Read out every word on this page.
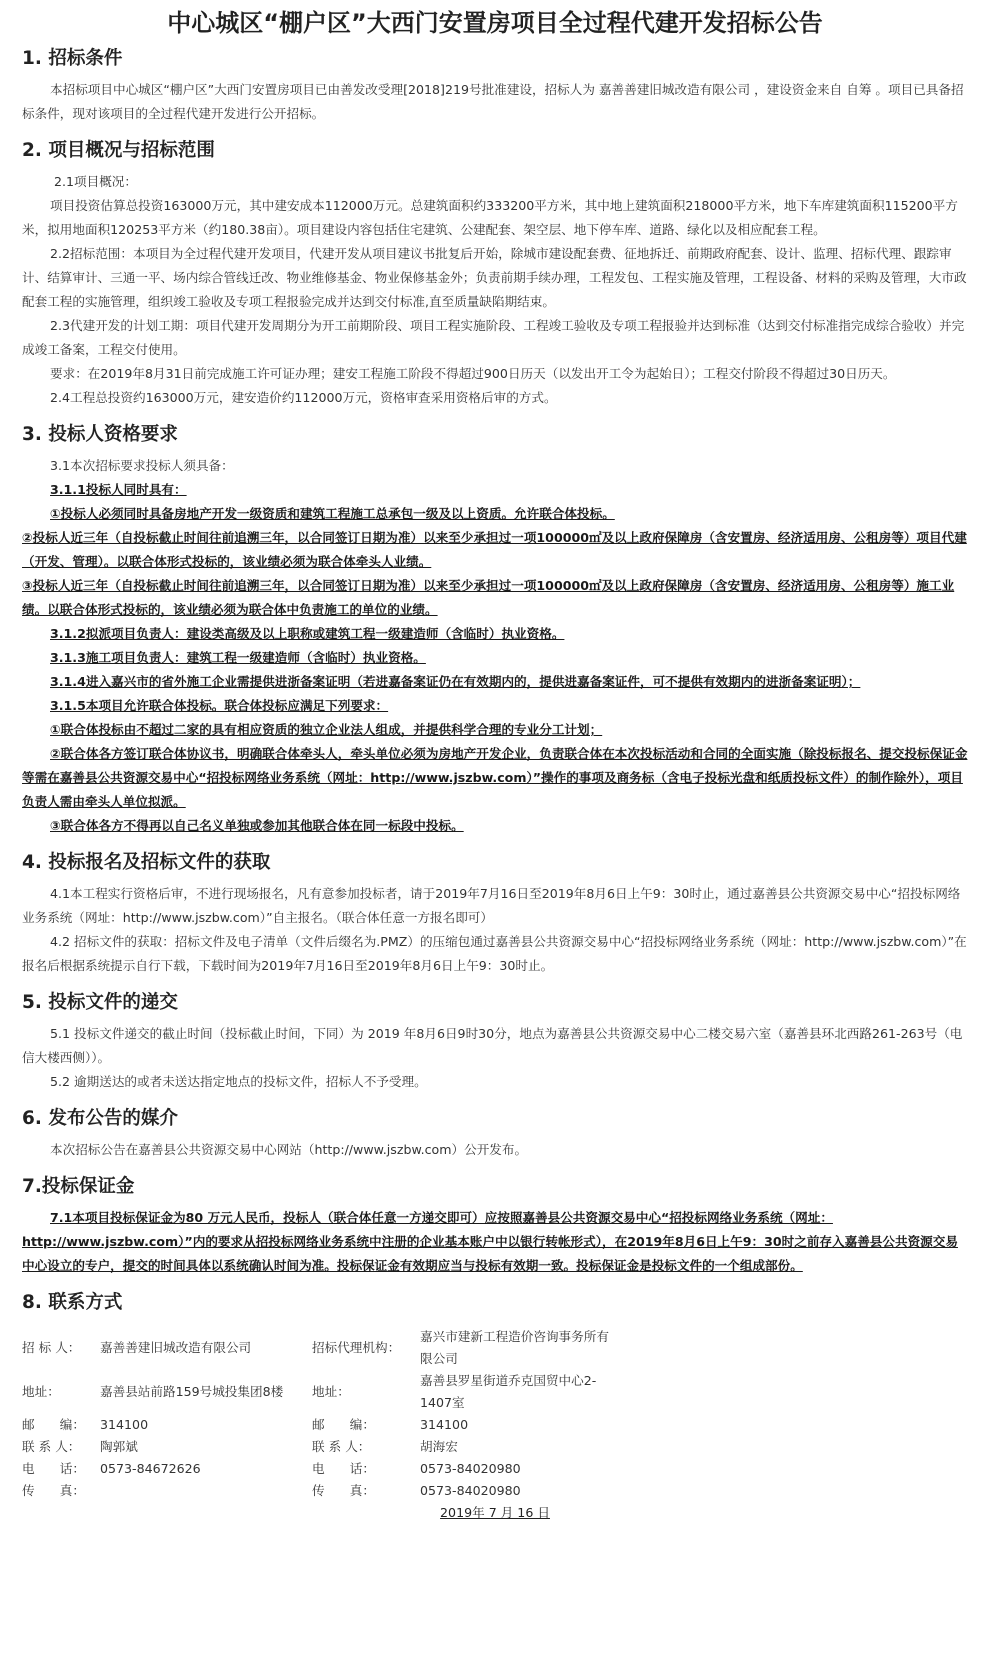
中心城区“棚户区”大西门安置房项目全过程代建开发招标公告
1. 招标条件

本招标项目中心城区“棚户区”大西门安置房项目已由善发改受理[2018]219号批准建设，招标人为 嘉善善建旧城改造有限公司 ，建设资金来自 自筹 。项目已具备招标条件，现对该项目的全过程代建开发进行公开招标。

2. 项目概况与招标范围

2.1项目概况：

项目投资估算总投资163000万元，其中建安成本112000万元。总建筑面积约333200平方米，其中地上建筑面积218000平方米，地下车库建筑面积115200平方米，拟用地面积120253平方米（约180.38亩）。项目建设内容包括住宅建筑、公建配套、架空层、地下停车库、道路、绿化以及相应配套工程。

2.2招标范围：本项目为全过程代建开发项目，代建开发从项目建议书批复后开始，除城市建设配套费、征地拆迁、前期政府配套、设计、监理、招标代理、跟踪审计、结算审计、三通一平、场内综合管线迁改、物业维修基金、物业保修基金外；负责前期手续办理，工程发包、工程实施及管理，工程设备、材料的采购及管理，大市政配套工程的实施管理，组织竣工验收及专项工程报验完成并达到交付标准,直至质量缺陷期结束。

2.3代建开发的计划工期：项目代建开发周期分为开工前期阶段、项目工程实施阶段、工程竣工验收及专项工程报验并达到标准（达到交付标准指完成综合验收）并完成竣工备案，工程交付使用。

要求：在2019年8月31日前完成施工许可证办理；建安工程施工阶段不得超过900日历天（以发出开工令为起始日）；工程交付阶段不得超过30日历天。

2.4工程总投资约163000万元，建安造价约112000万元，资格审查采用资格后审的方式。

3. 投标人资格要求

3.1本次招标要求投标人须具备：

3.1.1投标人同时具有：

①投标人必须同时具备房地产开发一级资质和建筑工程施工总承包一级及以上资质。允许联合体投标。

②投标人近三年（自投标截止时间往前追溯三年，以合同签订日期为准）以来至少承担过一项100000㎡及以上政府保障房（含安置房、经济适用房、公租房等）项目代建（开发、管理）。以联合体形式投标的，该业绩必须为联合体牵头人业绩。

③投标人近三年（自投标截止时间往前追溯三年，以合同签订日期为准）以来至少承担过一项100000㎡及以上政府保障房（含安置房、经济适用房、公租房等）施工业绩。以联合体形式投标的，该业绩必须为联合体中负责施工的单位的业绩。

3.1.2拟派项目负责人：建设类高级及以上职称或建筑工程一级建造师（含临时）执业资格。

3.1.3施工项目负责人：建筑工程一级建造师（含临时）执业资格。

3.1.4进入嘉兴市的省外施工企业需提供进浙备案证明（若进嘉备案证仍在有效期内的，提供进嘉备案证件，可不提供有效期内的进浙备案证明）；

3.1.5本项目允许联合体投标。联合体投标应满足下列要求：

①联合体投标由不超过二家的具有相应资质的独立企业法人组成，并提供科学合理的专业分工计划；

②联合体各方签订联合体协议书，明确联合体牵头人，牵头单位必须为房地产开发企业，负责联合体在本次投标活动和合同的全面实施（除投标报名、提交投标保证金等需在嘉善县公共资源交易中心“招投标网络业务系统（网址：http://www.jszbw.com）”操作的事项及商务标（含电子投标光盘和纸质投标文件）的制作除外），项目负责人需由牵头人单位拟派。

③联合体各方不得再以自己名义单独或参加其他联合体在同一标段中投标。

4. 投标报名及招标文件的获取

4.1本工程实行资格后审，不进行现场报名，凡有意参加投标者，请于2019年7月16日至2019年8月6日上午9：30时止，通过嘉善县公共资源交易中心“招投标网络业务系统（网址：http://www.jszbw.com）”自主报名。（联合体任意一方报名即可）

4.2 招标文件的获取：招标文件及电子清单（文件后缀名为.PMZ）的压缩包通过嘉善县公共资源交易中心“招投标网络业务系统（网址：http://www.jszbw.com）”在报名后根据系统提示自行下载，下载时间为2019年7月16日至2019年8月6日上午9：30时止。

5. 投标文件的递交

5.1 投标文件递交的截止时间（投标截止时间，下同）为 2019 年8月6日9时30分，地点为嘉善县公共资源交易中心二楼交易六室（嘉善县环北西路261-263号（电信大楼西侧））。

5.2 逾期送达的或者未送达指定地点的投标文件，招标人不予受理。

6. 发布公告的媒介

本次招标公告在嘉善县公共资源交易中心网站（http://www.jszbw.com）公开发布。

7.投标保证金

7.1本项目投标保证金为80 万元人民币，投标人（联合体任意一方递交即可）应按照嘉善县公共资源交易中心“招投标网络业务系统（网址：http://www.jszbw.com）”内的要求从招投标网络业务系统中注册的企业基本账户中以银行转帐形式），在2019年8月6日上午9：30时之前存入嘉善县公共资源交易中心设立的专户，提交的时间具体以系统确认时间为准。投标保证金有效期应当与投标有效期一致。投标保证金是投标文件的一个组成部份。

8. 联系方式
招 标 人：	嘉善善建旧城改造有限公司	招标代理机构：	嘉兴市建新工程造价咨询事务所有限公司
地址：	嘉善县站前路159号城投集团8楼	地址：	嘉善县罗星街道乔克国贸中心2-1407室
邮　　编：	314100	邮　　编：	314100
联 系 人：	陶郭斌	联 系 人：	胡海宏
电　　话：	0573-84672626	电　　话：	0573-84020980
传　　真：		传　　真：	0573-84020980
2019年 7 月 16 日
